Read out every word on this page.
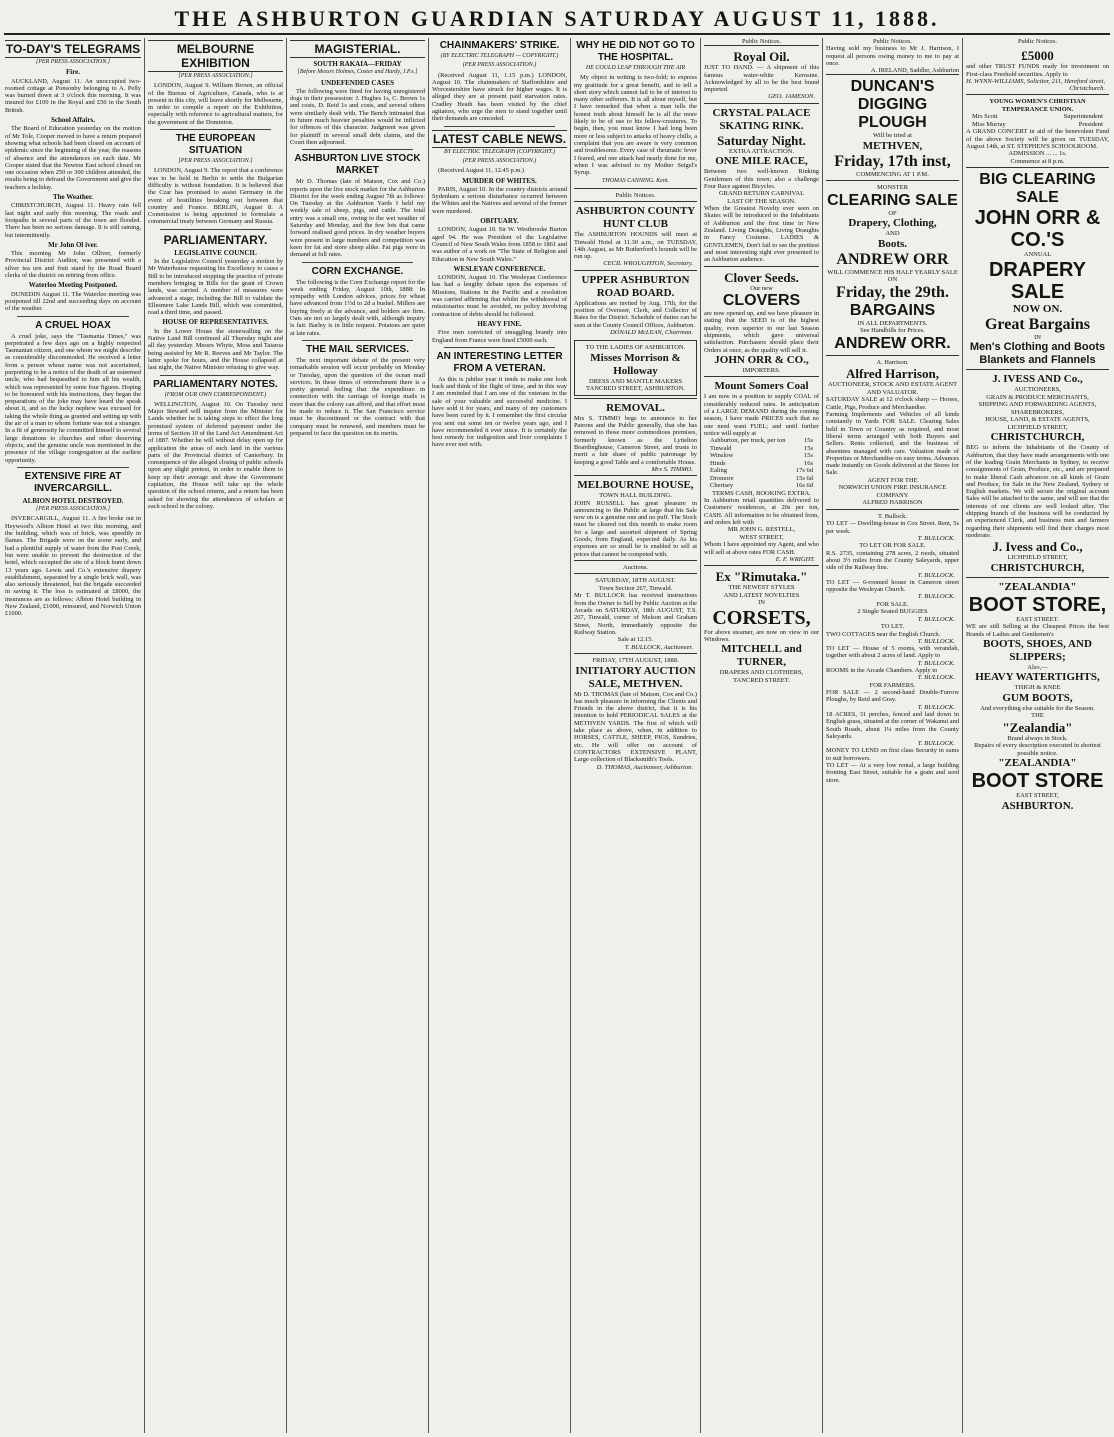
THE ASHBURTON GUARDIAN SATURDAY AUGUST 11, 1888.
TO-DAY'S TELEGRAMS
[PER PRESS ASSOCIATION.]
Fire.
AUCKLAND, August 11. An unoccupied two-roomed cottage at Ponsonby belonging to A. Pelly was burned down at 3 o'clock this morning. It was insured for £100 in the Royal and £50 in the South British.
School Affairs.
The Board of Education yesterday on the motion of Mr Tole, Cooper moved to have a return prepared showing what schools had been closed on account of epidemic since the beginning of the year, the reasons of absence and the attendances on each date. Mr Cooper stated that the Newton East school closed on one occasion when 250 or 300 children attended, the results being to defraud the Government and give the teachers a holiday.
The Weather.
CHRISTCHURCH, August 11. Heavy rain fell last night and early this morning. The roads and footpaths in several parts of the town are flooded. There has been no serious damage. It is still raining, but intermittently.
Mr John Ol iver.
This morning Mr John Olliver, formerly Provincial District Auditor, was presented with a silver tea urn and fruit stand by the Road Board clerks of the district on retiring from office.
Waterloo Meeting Postponed.
DUNEDIN August 11. The Waterloo meeting was postponed till 22nd and succeeding days on account of the weather.
A CRUEL HOAX
A cruel joke, says the "Tasmania Times," was perpetrated a few days ago on a highly respected Tasmanian citizen, and one whom we might describe as considerably discommoded. He received a letter from a person whose name was not ascertained, purporting to be a notice of the death of an esteemed uncle, who had bequeathed to him all his wealth, which was represented by some four figures. Hoping to be honoured with his instructions, they began the preparations of the joke may have heard the speak about it, and so the lucky nephew was excused for taking the whole thing as granted and setting up with the air of a man to whom fortune was not a stranger. In a fit of generosity he committed himself to several large donations to churches and other deserving objects, and the genuine uncle was mentioned in the presence of the village congregation at the earliest opportunity.
EXTENSIVE FIRE AT INVERCARGILL.
ALBION HOTEL DESTROYED.
[PER PRESS ASSOCIATION.]
INVERCARGILL, August 11. A fire broke out in Heywood's Albion Hotel at two this morning, and the building, which was of brick, was speedily in flames. The Brigade were on the scene early, and had a plentiful supply of water from the Post Creek, but were unable to prevent the destruction of the hotel, which occupied the site of a block burnt down 13 years ago. Lewis and Co.'s extensive drapery establishment, separated by a single brick wall, was also seriously threatened, but the brigade succeeded in saving it. The loss is estimated at £8000, the insurances are as follows: Albion Hotel building in New Zealand, £1000, reinsured, and Norwich Union £1000.
MELBOURNE EXHIBITION
[PER PRESS ASSOCIATION.]
LONDON, August 9. William Brown, an official of the Bureau of Agriculture, Canada, who is at present in this city, will leave shortly for Melbourne, in order to compile a report on the Exhibition, especially with reference to agricultural matters, for the government of the Dominion.
THE EUROPEAN SITUATION
[PER PRESS ASSOCIATION.]
LONDON, August 9. The report that a conference was to be held in Berlin to settle the Bulgarian difficulty is without foundation. It is believed that the Czar has promised to assist Germany in the event of hostilities breaking out between that country and France. BERLIN, August 8. A Commission is being appointed to formulate a commercial treaty between Germany and Russia.
PARLIAMENTARY.
LEGISLATIVE COUNCIL
In the Legislative Council yesterday a motion by Mr Waterhouse requesting his Excellency to cause a Bill to be introduced stopping the practice of private members bringing in Bills for the grant of Crown lands, was carried. A number of measures were advanced a stage, including the Bill to validate the Ellesmere Lake Lands Bill, which was committed, read a third time, and passed.
HOUSE OF REPRESENTATIVES.
In the Lower House the stonewalling on the Native Land Bill continued all Thursday night and all day yesterday. Messrs Whyte, Moss and Taiaroa being assisted by Mr R. Reeves and Mr Taylor. The latter spoke for hours, and the House collapsed at last night, the Native Minister refusing to give way.
PARLIAMENTARY NOTES.
(FROM OUR OWN CORRESPONDENT.)
WELLINGTON, August 10. On Tuesday next Major Steward will inquire from the Minister for Lands whether he is taking steps to effect the long promised system of deferred payment under the terms of Section 10 of the Land Act Amendment Act of 1887. Whether he will without delay open up for application the areas of such land in the various parts of the Provincial district of Canterbury. In consequence of the alleged closing of public schools upon any slight pretext, in order to enable them to keep up their average and draw the Government capitation, the House will take up the whole question of the school returns, and a return has been asked for showing the attendances of scholars at each school in the colony.
MAGISTERIAL.
SOUTH RAKAIA—FRIDAY
[Before Messrs Holmes, Coster and Hardy, J.P.s.]
UNDEFENDED CASES
The following were fined for having unregistered dogs in their possession: J. Hughes 1s, C. Brown 1s and costs, D. Reid 1s and costs, and several others were similarly dealt with. The Bench intimated that in future much heavier penalties would be inflicted for offences of this character. Judgment was given for plaintiff in several small debt claims, and the Court then adjourned.
ASHBURTON LIVE STOCK MARKET
Mr D. Thomas (late of Matson, Cox and Co.) reports upon the live stock market for the Ashburton District for the week ending August 7th as follows: On Tuesday at the Ashburton Yards I held my weekly sale of sheep, pigs, and cattle. The total entry was a small one, owing to the wet weather of Saturday and Monday, and the few lots that came forward realised good prices. In dry weather buyers were present in large numbers and competition was keen for fat and store sheep alike. Fat pigs were in demand at full rates.
CORN EXCHANGE.
The following is the Corn Exchange report for the week ending Friday, August 10th, 1888: In sympathy with London advices, prices for wheat have advanced from 1½d to 2d a bushel. Millers are buying freely at the advance, and holders are firm. Oats are not so largely dealt with, although inquiry is fair. Barley is in little request. Potatoes are quiet at late rates.
THE MAIL SERVICES.
The next important debate of the present very remarkable session will occur probably on Monday or Tuesday, upon the question of the ocean mail services. In these times of retrenchment there is a pretty general feeling that the expenditure in connection with the carriage of foreign mails is more than the colony can afford, and that effort must be made to reduce it. The San Francisco service must be discontinued or the contract with that company must be renewed, and members must be prepared to face the question on its merits.
CHAINMAKERS' STRIKE.
(BY ELECTRIC TELEGRAPH — COPYRIGHT.)
(PER PRESS ASSOCIATION.)
(Received August 11, 1.15 p.m.) LONDON, August 10. The chainmakers of Staffordshire and Worcestershire have struck for higher wages. It is alleged they are at present paid starvation rates. Cradley Heath has been visited by the chief agitators, who urge the men to stand together until their demands are conceded.
LATEST CABLE NEWS.
BY ELECTRIC TELEGRAPH (COPYRIGHT.)
(PER PRESS ASSOCIATION.)
(Received August 11, 12.45 p.m.)
MURDER OF WHITES.
PARIS, August 10. In the country districts around Sydenham a serious disturbance occurred between the Whites and the Natives and several of the former were murdered.
OBITUARY.
LONDON, August 10. Sir W. Westbrooke Burton aged 94. He was President of the Legislative Council of New South Wales from 1858 to 1861 and was author of a work on "The State of Religion and Education in New South Wales."
WESLEYAN CONFERENCE.
LONDON, August 10. The Wesleyan Conference has had a lengthy debate upon the expenses of Missions, Stations in the Pacific and a resolution was carried affirming that whilst the withdrawal of missionaries must be avoided, no policy involving contraction of debts should be followed.
HEAVY FINE.
Five men convicted of smuggling brandy into England from France were fined £5000 each.
AN INTERESTING LETTER FROM A VETERAN.
As this is jubilee year it tends to make one look back and think of the flight of time, and in this way I am reminded that I am one of the veterans in the sale of your valuable and successful medicine. I have sold it for years, and many of my customers have been cured by it. I remember the first circular you sent out some ten or twelve years ago, and I have recommended it ever since. It is certainly the best remedy for indigestion and liver complaints I have ever met with.
WHY HE DID NOT GO TO THE HOSPITAL.
HE COULD LEAP THROUGH THE AIR
My object in writing is two-fold; to express my gratitude for a great benefit, and to tell a short story which cannot fail to be of interest to many other sufferers. It is all about myself, but I have remarked that when a man tells the honest truth about himself he is all the more likely to be of use to his fellow-creatures. To begin, then, you must know I had long been more or less subject to attacks of heavy chills, a complaint that you are aware is very common and troublesome. Every case of rheumatic fever I feared, and one attack had nearly done for me, when I was advised to try Mother Seigel's Syrup.
THOMAS CANNING. Kent.
Public Notices.
ASHBURTON COUNTY HUNT CLUB
The ASHBURTON HOUNDS will meet at Tinwald Hotel at 11.30 a.m., on TUESDAY, 14th August, as Mr Rutherford's hounds will be run up.
CECIL WROUGHTON, Secretary.
UPPER ASHBURTON ROAD BOARD.
Applications are invited by Aug. 17th, for the position of Overseer, Clerk, and Collector of Rates for the District. Schedule of duties can be seen at the County Council Offices, Ashburton.
DONALD McLEAN, Chairman.
TO THE LADIES OF ASHBURTON.
Misses Morrison & Holloway
DRESS AND MANTLE MAKERS
TANCRED STREET, ASHBURTON.
REMOVAL.
Mrs S. TIMMO begs to announce to her Patrons and the Public generally, that she has removed to those more commodious premises, formerly known as the Lyttelton Boardinghouse, Cameron Street, and trusts to merit a fair share of public patronage by keeping a good Table and a comfortable House.
Mrs S. TIMMO.
MELBOURNE HOUSE,
TOWN HALL BUILDING.
JOHN RUSSELL has great pleasure in announcing to the Public at large that his Sale now on is a genuine one and no puff. The Stock must be cleared out this month to make room for a large and assorted shipment of Spring Goods, from England, expected daily. As his expenses are so small he is enabled to sell at prices that cannot be competed with.
Auctions.
SATURDAY, 18TH AUGUST.
Town Section 267, Tinwald.
Mr T. BULLOCK has received instructions from the Owner to Sell by Public Auction at the Arcade on SATURDAY, 18th AUGUST, T.S. 267, Tinwald, corner of Melson and Graham Street, North, immediately opposite the Railway Station.
Sale at 12.15.
T. BULLOCK, Auctioneer.
FRIDAY, 17TH AUGUST, 1888.
INITIATORY AUCTION SALE, METHVEN.
Mr D. THOMAS (late of Matson, Cox and Co.) has much pleasure in informing the Clients and Friends in the above district, that it is his intention to hold PERIODICAL SALES at the METHVEN YARDS. The first of which will take place as above, when, in addition to HORSES, CATTLE, SHEEP, PIGS, Sundries, etc. He will offer on account of CONTRACTORS EXTENSIVE PLANT, Large collection of Blacksmith's Tools.
D. THOMAS, Auctioneer, Ashburton.
Public Notices.
Royal Oil.
JUST TO HAND. — A shipment of this famous water-white Kerosine. Acknowledged by all to be the best brand imported.
GEO. JAMESON.
CRYSTAL PALACE SKATING RINK.
Saturday Night.
EXTRA ATTRACTION.
ONE MILE RACE,
Between two well-known Rinking Gentlemen of this town; also a challenge Four Race against Bicycles.
GRAND RETURN CARNIVAL
LAST OF THE SEASON.
When the Greatest Novelty ever seen on Skates will be introduced to the Inhabitants of Ashburton and the first time in New Zealand. Living Draughts, Living Draughts in Fancy Costume. LADIES & GENTLEMEN, Don't fail to see the prettiest and most interesting sight ever presented to an Ashburton audience.
Clover Seeds.
Our new
CLOVERS
are now opened up, and we have pleasure in stating that the SEED is of the highest quality, even superior to our last Season shipments, which gave universal satisfaction. Purchasers should place their Orders at once, as the quality will sell it.
JOHN ORR & CO.,
IMPORTERS.
Mount Somers Coal
I am now in a position to supply COAL of considerably reduced rates. In anticipation of a LARGE DEMAND during the coming season, I have made PRICES such that no one need want FUEL; and until further notice will supply at
Ashburton, per truck, per ton	15s
Tinwald	15s
Winslow	15s
Hinds	16s
Ealing	17s 6d
Dromore	15s 6d
Chertsey	16s 6d
TERMS CASH, BOOKING EXTRA.
In Ashburton retail quantities delivered to Customers' residences, at 20s per ton, CASH. All information to be obtained from, and orders left with
MR JOHN G. RESTELL,
WEST STREET,
Whom I have appointed my Agent, and who will sell at above rates FOR CASH.
E. F. WRIGHT.
Ex "Rimutaka."
THE NEWEST STYLES
AND LATEST NOVELTIES
IN
CORSETS,
For above steamer, are now on view in our Windows.
MITCHELL and TURNER,
DRAPERS AND CLOTHIERS,
TANCRED STREET.
Public Notices.
Having sold my business to Mr J. Harrison, I request all persons owing money to me to pay at once.
A. IRELAND, Saddler, Ashburton
DUNCAN'S
DIGGING PLOUGH
Will be tried at
METHVEN,
Friday, 17th inst,
COMMENCING AT 1 P.M.
MONSTER
CLEARING SALE
OF
Drapery, Clothing,
AND
Boots.
ANDREW ORR
WILL COMMENCE HIS HALF YEARLY SALE ON
Friday, the 29th.
BARGAINS
IN ALL DEPARTMENTS.
See Handbills for Prices.
ANDREW ORR.
A. Harrison.
Alfred Harrison,
AUCTIONEER, STOCK AND ESTATE AGENT AND VALUATOR.
SATURDAY SALE at 12 o'clock sharp — Horses, Cattle, Pigs, Produce and Merchandise.
Farming Implements and Vehicles of all kinds constantly in Yards FOR SALE. Clearing Sales held in Town or Country as required, and most liberal terms arranged with both Buyers and Sellers. Rents collected, and the business of absentees managed with care. Valuation made of Properties or Merchandise on easy terms. Advances made instantly on Goods delivered at the Stores for Sale.
AGENT FOR THE
NORWICH UNION FIRE INSURANCE COMPANY
ALFRED HARRISON
T. Bullock.
TO LET — Dwelling-house in Cox Street. Rent, 5s per week.
T. BULLOCK.
TO LET OR FOR SALE.
R.S. 2735, containing 278 acres, 2 roods, situated about 3½ miles from the County Saleyards, upper side of the Railway line.
T. BULLOCK.
TO LET — 6-roomed house in Cameron street opposite the Wesleyan Church.
T. BULLOCK.
FOR SALE.
2 Single Seated BUGGIES
T. BULLOCK.
TO LET.
TWO COTTAGES near the English Church.
T. BULLOCK.
TO LET — House of 5 rooms, with verandah, together with about 2 acres of land. Apply to
T. BULLOCK.
ROOMS in the Arcade Chambers. Apply to
T. BULLOCK.
FOR FARMERS.
FOR SALE — 2 second-hand Double-Furrow Ploughs, by Reid and Gray.
T. BULLOCK.
18 ACRES, 31 perches, fenced and laid down in English grass, situated at the corner of Wakanui and South Roads, about 1¼ miles from the County Saleyards.
T. BULLOCK.
MONEY TO LEND on first class Security in sums to suit borrowers.
TO LET — At a very low rental, a large building fronting East Street, suitable for a grain and seed store.
Public Notices.
£5000
and other TRUST FUNDS ready for investment on First-class Freehold securities. Apply to
H. WYNN-WILLIAMS, Solicitor, 211, Hereford street, Christchurch.
YOUNG WOMEN'S CHRISTIAN TEMPERANCE UNION.
Mrs Scott	Superintendent
Miss Murray	President
A GRAND CONCERT in aid of the benevolent Fund of the above Society will be given on TUESDAY, August 14th, at ST. STEPHEN'S SCHOOLROOM.
ADMISSION ... ... 1s.
Commence at 8 p.m.
BIG CLEARING SALE
JOHN ORR & CO.'S
ANNUAL
DRAPERY SALE
NOW ON.
Great Bargains
IN
Men's Clothing and Boots
Blankets and Flannels
J. IVESS AND Co.,
AUCTIONEERS,
GRAIN & PRODUCE MERCHANTS,
SHIPPING AND FORWARDING AGENTS,
SHAREBROKERS,
HOUSE, LAND, & ESTATE AGENTS,
LICHFIELD STREET,
CHRISTCHURCH,
BEG to inform the Inhabitants of the County of Ashburton, that they have made arrangements with one of the leading Grain Merchants in Sydney, to receive consignments of Grain, Produce, etc., and are prepared to make liberal Cash advances on all kinds of Grain and Produce, for Sale in the New Zealand, Sydney or English markets. We will secure the original account Sales will be attached to the same, and will see that the interests of our clients are well looked after. The shipping branch of the business will be conducted by an experienced Clerk, and business men and farmers regarding their shipments will find their charges most moderate.
J. Ivess and Co.,
LICHFIELD STREET,
CHRISTCHURCH,
"ZEALANDIA"
BOOT STORE,
EAST STREET.
WE are still Selling at the Cheapest Prices the best Brands of Ladies and Gentlemen's
BOOTS, SHOES, AND
SLIPPERS;
Also,—
HEAVY WATERTIGHTS,
THIGH & KNEE
GUM BOOTS,
And everything else suitable for the Season.
THE
"Zealandia"
Brand always in Stock.
Repairs of every description executed in shortest possible notice.
"ZEALANDIA"
BOOT STORE
EAST STREET,
ASHBURTON.
